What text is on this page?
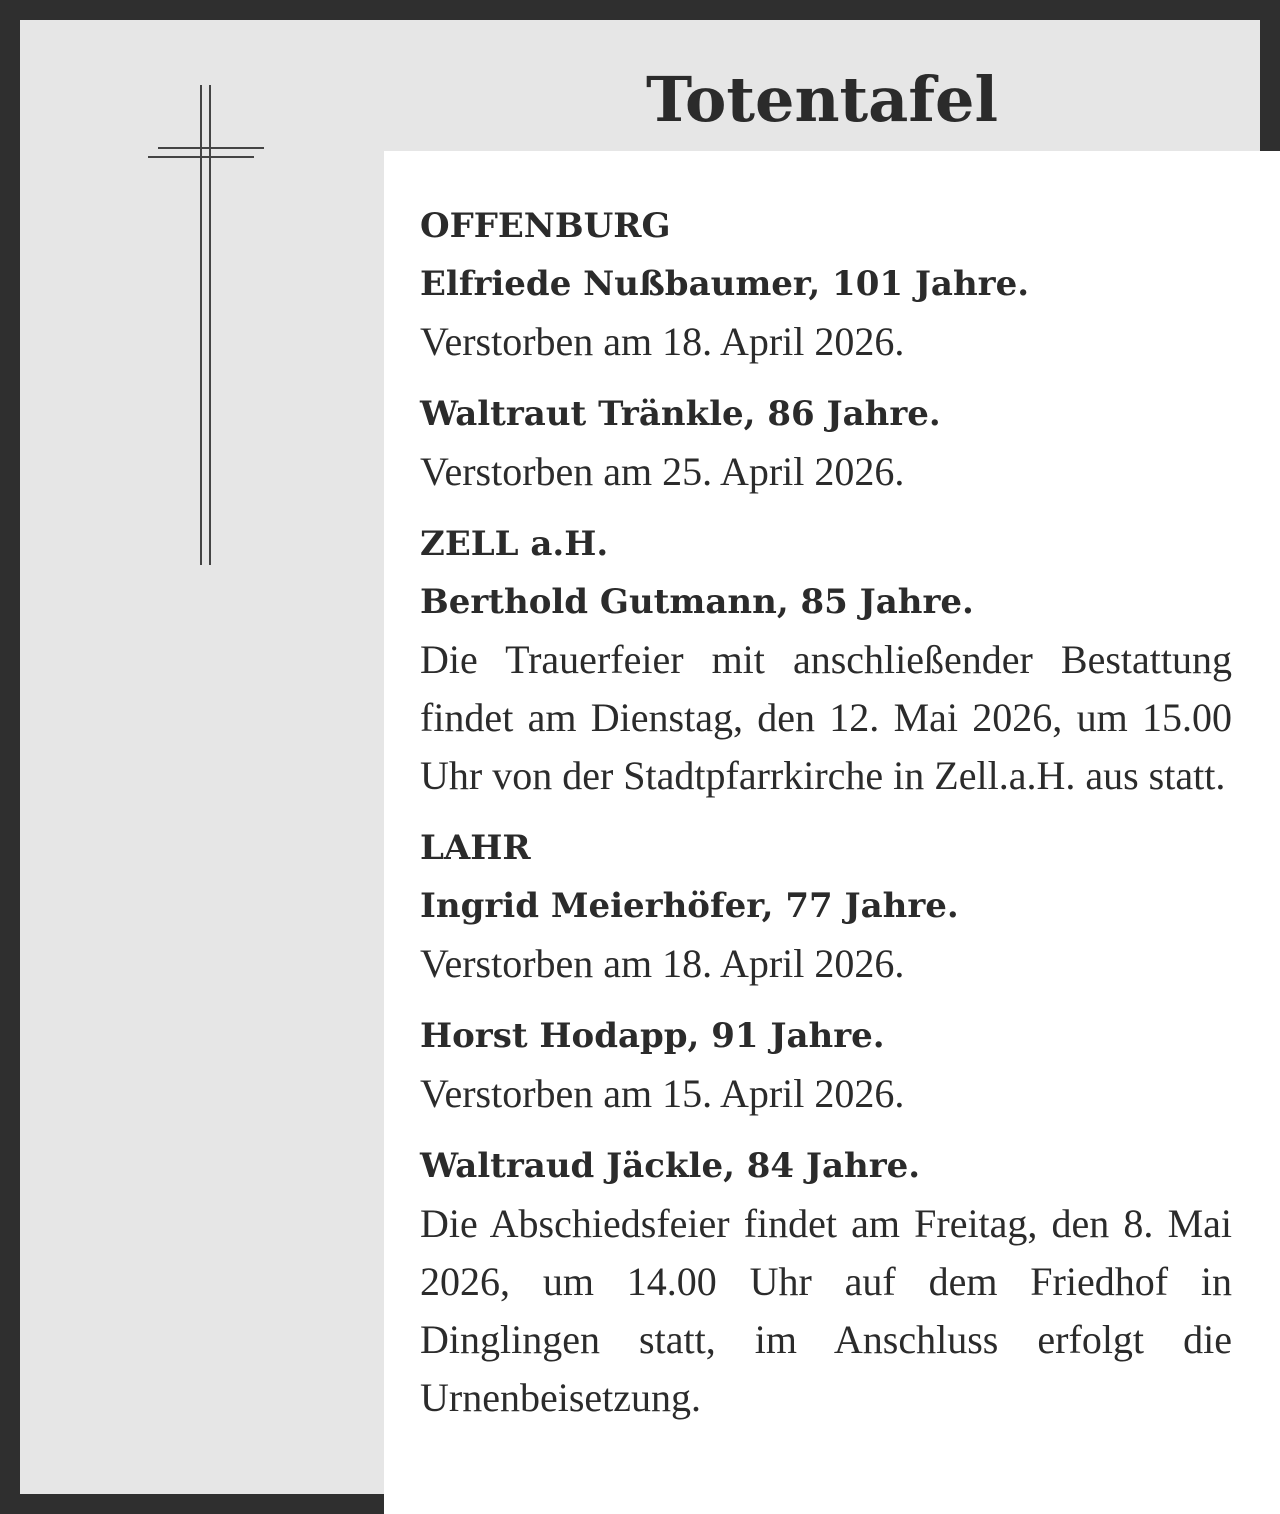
Totentafel

OFFENBURG

Elfriede Nußbaumer, 101 Jahre.

Verstorben am 18. April 2026.

Waltraut Tränkle, 86 Jahre.

Verstorben am 25. April 2026.

ZELL a.H.

Berthold Gutmann, 85 Jahre.

Die Trauerfeier mit anschließender Bestattung findet am Dienstag, den 12. Mai 2026, um 15.00 Uhr von der Stadtpfarrkirche in Zell.a.H. aus statt.

LAHR

Ingrid Meierhöfer, 77 Jahre.

Verstorben am 18. April 2026.

Horst Hodapp, 91 Jahre.

Verstorben am 15. April 2026.

Waltraud Jäckle, 84 Jahre.

Die Abschiedsfeier findet am Freitag, den 8. Mai 2026, um 14.00 Uhr auf dem Friedhof in Dinglingen statt, im Anschluss erfolgt die Urnenbeisetzung.
